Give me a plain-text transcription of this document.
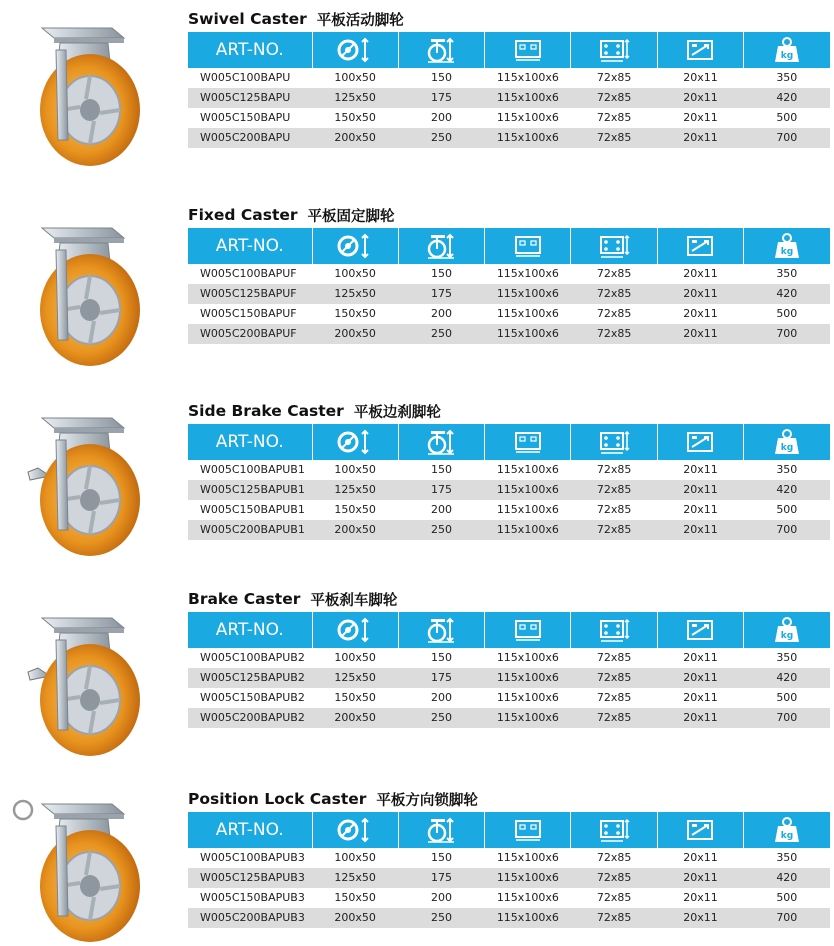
Swivel Caster 平板活动脚轮
ART-NO.						kg

W005C100BAPU	100x50	150	115x100x6	72x85	20x11	350
W005C125BAPU	125x50	175	115x100x6	72x85	20x11	420
W005C150BAPU	150x50	200	115x100x6	72x85	20x11	500
W005C200BAPU	200x50	250	115x100x6	72x85	20x11	700
Fixed Caster 平板固定脚轮
ART-NO.						kg

W005C100BAPUF	100x50	150	115x100x6	72x85	20x11	350
W005C125BAPUF	125x50	175	115x100x6	72x85	20x11	420
W005C150BAPUF	150x50	200	115x100x6	72x85	20x11	500
W005C200BAPUF	200x50	250	115x100x6	72x85	20x11	700
Side Brake Caster 平板边刹脚轮
ART-NO.						kg

W005C100BAPUB1	100x50	150	115x100x6	72x85	20x11	350
W005C125BAPUB1	125x50	175	115x100x6	72x85	20x11	420
W005C150BAPUB1	150x50	200	115x100x6	72x85	20x11	500
W005C200BAPUB1	200x50	250	115x100x6	72x85	20x11	700
Brake Caster 平板刹车脚轮
ART-NO.						kg

W005C100BAPUB2	100x50	150	115x100x6	72x85	20x11	350
W005C125BAPUB2	125x50	175	115x100x6	72x85	20x11	420
W005C150BAPUB2	150x50	200	115x100x6	72x85	20x11	500
W005C200BAPUB2	200x50	250	115x100x6	72x85	20x11	700
Position Lock Caster 平板方向锁脚轮
ART-NO.						kg

W005C100BAPUB3	100x50	150	115x100x6	72x85	20x11	350
W005C125BAPUB3	125x50	175	115x100x6	72x85	20x11	420
W005C150BAPUB3	150x50	200	115x100x6	72x85	20x11	500
W005C200BAPUB3	200x50	250	115x100x6	72x85	20x11	700
